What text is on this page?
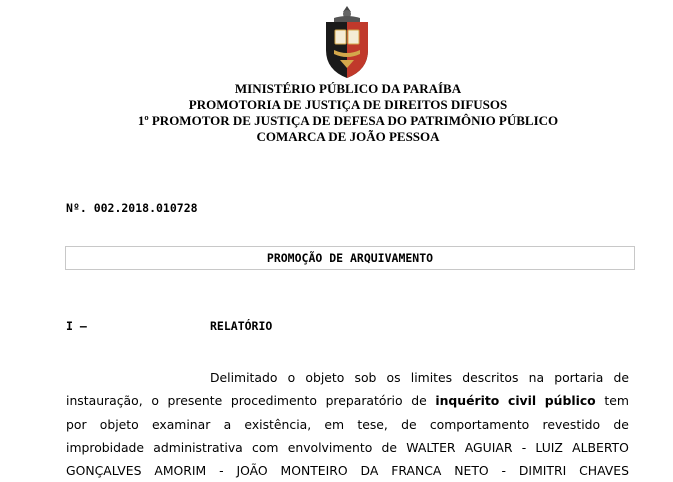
MINISTÉRIO PÚBLICO DA PARAÍBA
PROMOTORIA DE JUSTIÇA DE DIREITOS DIFUSOS
1º PROMOTOR DE JUSTIÇA DE DEFESA DO PATRIMÔNIO PÚBLICO
COMARCA DE JOÃO PESSOA
Nº. 002.2018.010728
PROMOÇÃO DE ARQUIVAMENTO
I –	RELATÓRIO
Delimitado o objeto sob os limites descritos na portaria de
instauração, o presente procedimento preparatório de inquérito civil público tem
por objeto examinar a existência, em tese, de comportamento revestido de
improbidade administrativa com envolvimento de WALTER AGUIAR - LUIZ ALBERTO
GONÇALVES AMORIM - JOÃO MONTEIRO DA FRANCA NETO - DIMITRI CHAVES
